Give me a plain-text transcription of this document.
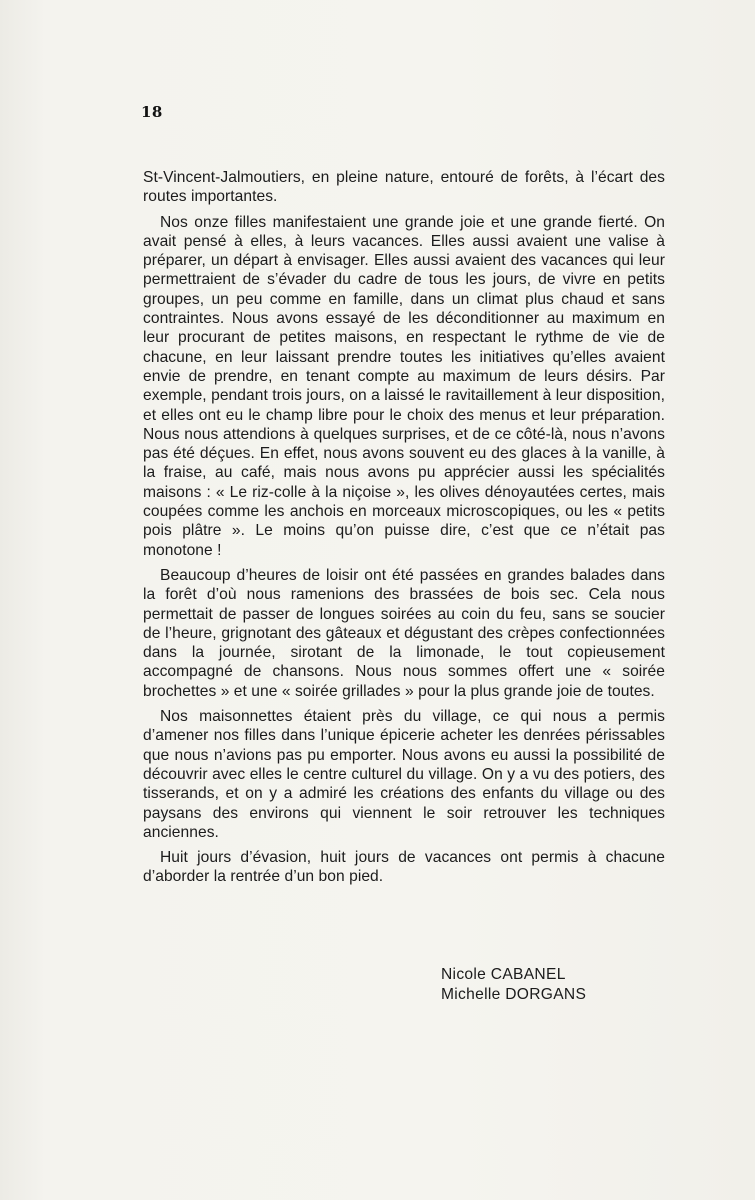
18

St-Vincent-Jalmoutiers, en pleine nature, entouré de forêts, à l’écart des routes importantes.

Nos onze filles manifestaient une grande joie et une grande fierté. On avait pensé à elles, à leurs vacances. Elles aussi avaient une valise à préparer, un départ à envisager. Elles aussi avaient des vacances qui leur permettraient de s’évader du cadre de tous les jours, de vivre en petits groupes, un peu comme en famille, dans un climat plus chaud et sans contraintes. Nous avons essayé de les déconditionner au maximum en leur procurant de petites maisons, en respectant le rythme de vie de chacune, en leur laissant prendre toutes les initiatives qu’elles avaient envie de prendre, en tenant compte au maximum de leurs désirs. Par exemple, pendant trois jours, on a laissé le ravitaillement à leur disposition, et elles ont eu le champ libre pour le choix des menus et leur préparation. Nous nous attendions à quelques surprises, et de ce côté-là, nous n’avons pas été déçues. En effet, nous avons souvent eu des glaces à la vanille, à la fraise, au café, mais nous avons pu apprécier aussi les spécialités maisons : « Le riz-colle à la niçoise », les olives dénoyautées certes, mais coupées comme les anchois en morceaux microscopiques, ou les « petits pois plâtre ». Le moins qu’on puisse dire, c’est que ce n’était pas monotone !

Beaucoup d’heures de loisir ont été passées en grandes balades dans la forêt d’où nous ramenions des brassées de bois sec. Cela nous permettait de passer de longues soirées au coin du feu, sans se soucier de l’heure, grignotant des gâteaux et dégustant des crèpes confectionnées dans la journée, sirotant de la limonade, le tout copieusement accompagné de chansons. Nous nous sommes offert une « soirée brochettes » et une « soirée grillades » pour la plus grande joie de toutes.

Nos maisonnettes étaient près du village, ce qui nous a permis d’amener nos filles dans l’unique épicerie acheter les denrées périssables que nous n’avions pas pu emporter. Nous avons eu aussi la possibilité de découvrir avec elles le centre culturel du village. On y a vu des potiers, des tisserands, et on y a admiré les créations des enfants du village ou des paysans des environs qui viennent le soir retrouver les techniques anciennes.

Huit jours d’évasion, huit jours de vacances ont permis à chacune d’aborder la rentrée d’un bon pied.

Nicole CABANEL
Michelle DORGANS
